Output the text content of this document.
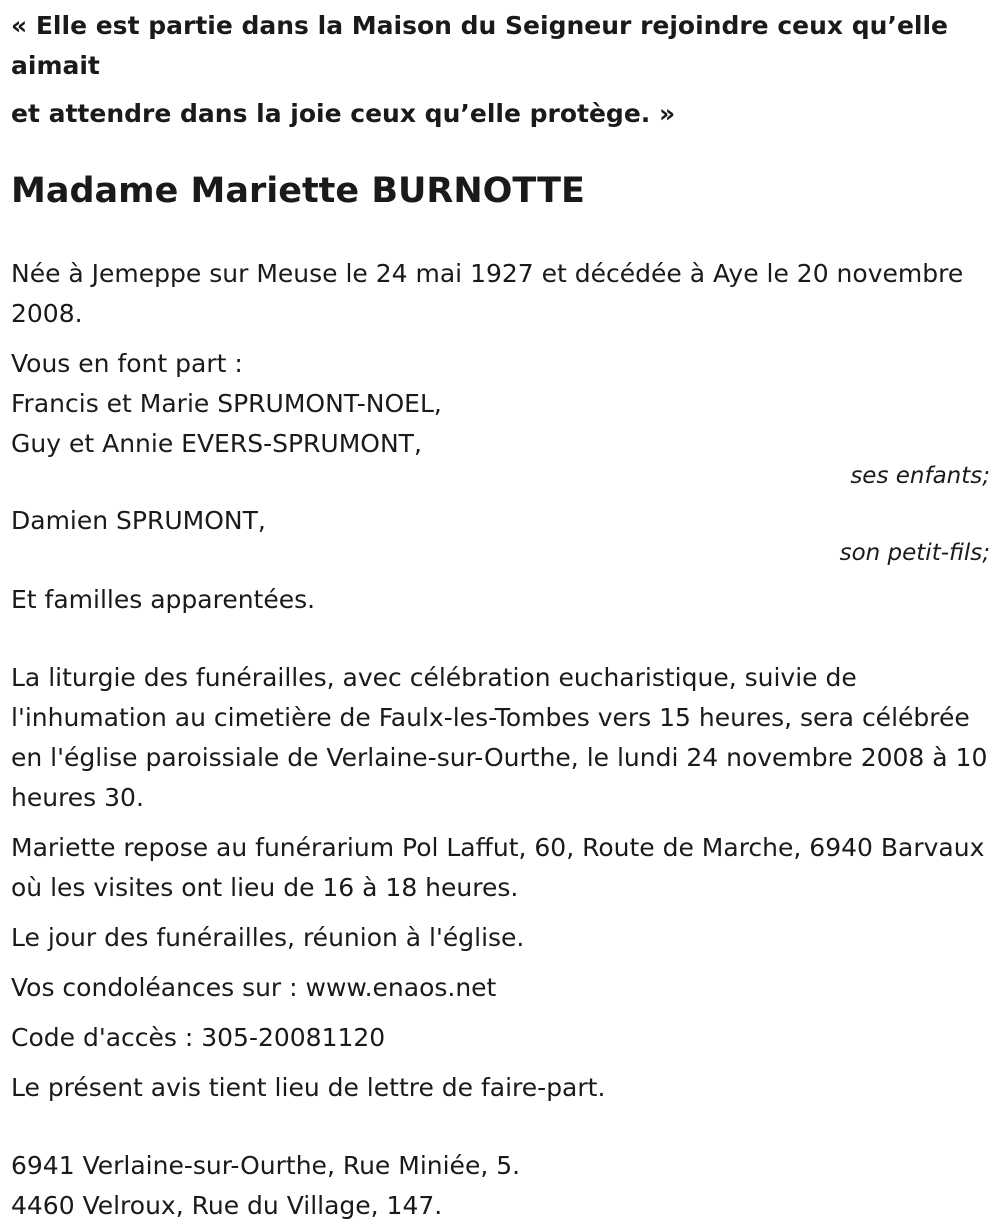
« Elle est partie dans la Maison du Seigneur rejoindre ceux qu’elle aimait

et attendre dans la joie ceux qu’elle protège. »

Madame Mariette BURNOTTE

Née à Jemeppe sur Meuse le 24 mai 1927 et décédée à Aye le 20 novembre 2008.

Vous en font part :

Francis et Marie SPRUMONT-NOEL,

Guy et Annie EVERS-SPRUMONT,

ses enfants;

Damien SPRUMONT,

son petit-fils;

Et familles apparentées.

La liturgie des funérailles, avec célébration eucharistique, suivie de l'inhumation au cimetière de Faulx-les-Tombes vers 15 heures, sera célébrée en l'église paroissiale de Verlaine-sur-Ourthe, le lundi 24 novembre 2008 à 10 heures 30.

Mariette repose au funérarium Pol Laffut, 60, Route de Marche, 6940 Barvaux où les visites ont lieu de 16 à 18 heures.

Le jour des funérailles, réunion à l'église.

Vos condoléances sur : www.enaos.net

Code d'accès : 305-20081120

Le présent avis tient lieu de lettre de faire-part.

6941 Verlaine-sur-Ourthe, Rue Miniée, 5.

4460 Velroux, Rue du Village, 147.
